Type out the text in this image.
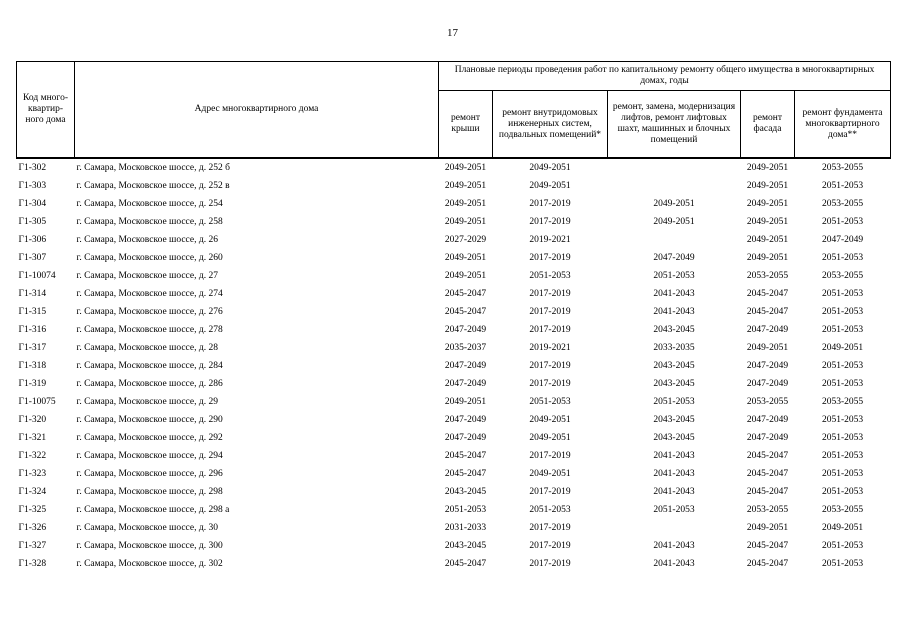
17
Код много-квартир-ного дома	Адрес многоквартирного дома	Плановые периоды проведения работ по капитальному ремонту общего имущества в многоквартирных домах, годы				
		ремонт крыши	ремонт внутридомовых инженерных систем, подвальных помещений*	ремонт, замена, модернизация лифтов, ремонт лифтовых шахт, машинных и блочных помещений	ремонт фасада	ремонт фундамента многоквартирного дома**
Г1-302	г. Самара, Московское шоссе, д. 252 б	2049-2051	2049-2051		2049-2051	2053-2055
Г1-303	г. Самара, Московское шоссе, д. 252 в	2049-2051	2049-2051		2049-2051	2051-2053
Г1-304	г. Самара, Московское шоссе, д. 254	2049-2051	2017-2019	2049-2051	2049-2051	2053-2055
Г1-305	г. Самара, Московское шоссе, д. 258	2049-2051	2017-2019	2049-2051	2049-2051	2051-2053
Г1-306	г. Самара, Московское шоссе, д. 26	2027-2029	2019-2021		2049-2051	2047-2049
Г1-307	г. Самара, Московское шоссе, д. 260	2049-2051	2017-2019	2047-2049	2049-2051	2051-2053
Г1-10074	г. Самара, Московское шоссе, д. 27	2049-2051	2051-2053	2051-2053	2053-2055	2053-2055
Г1-314	г. Самара, Московское шоссе, д. 274	2045-2047	2017-2019	2041-2043	2045-2047	2051-2053
Г1-315	г. Самара, Московское шоссе, д. 276	2045-2047	2017-2019	2041-2043	2045-2047	2051-2053
Г1-316	г. Самара, Московское шоссе, д. 278	2047-2049	2017-2019	2043-2045	2047-2049	2051-2053
Г1-317	г. Самара, Московское шоссе, д. 28	2035-2037	2019-2021	2033-2035	2049-2051	2049-2051
Г1-318	г. Самара, Московское шоссе, д. 284	2047-2049	2017-2019	2043-2045	2047-2049	2051-2053
Г1-319	г. Самара, Московское шоссе, д. 286	2047-2049	2017-2019	2043-2045	2047-2049	2051-2053
Г1-10075	г. Самара, Московское шоссе, д. 29	2049-2051	2051-2053	2051-2053	2053-2055	2053-2055
Г1-320	г. Самара, Московское шоссе, д. 290	2047-2049	2049-2051	2043-2045	2047-2049	2051-2053
Г1-321	г. Самара, Московское шоссе, д. 292	2047-2049	2049-2051	2043-2045	2047-2049	2051-2053
Г1-322	г. Самара, Московское шоссе, д. 294	2045-2047	2017-2019	2041-2043	2045-2047	2051-2053
Г1-323	г. Самара, Московское шоссе, д. 296	2045-2047	2049-2051	2041-2043	2045-2047	2051-2053
Г1-324	г. Самара, Московское шоссе, д. 298	2043-2045	2017-2019	2041-2043	2045-2047	2051-2053
Г1-325	г. Самара, Московское шоссе, д. 298 а	2051-2053	2051-2053	2051-2053	2053-2055	2053-2055
Г1-326	г. Самара, Московское шоссе, д. 30	2031-2033	2017-2019		2049-2051	2049-2051
Г1-327	г. Самара, Московское шоссе, д. 300	2043-2045	2017-2019	2041-2043	2045-2047	2051-2053
Г1-328	г. Самара, Московское шоссе, д. 302	2045-2047	2017-2019	2041-2043	2045-2047	2051-2053
